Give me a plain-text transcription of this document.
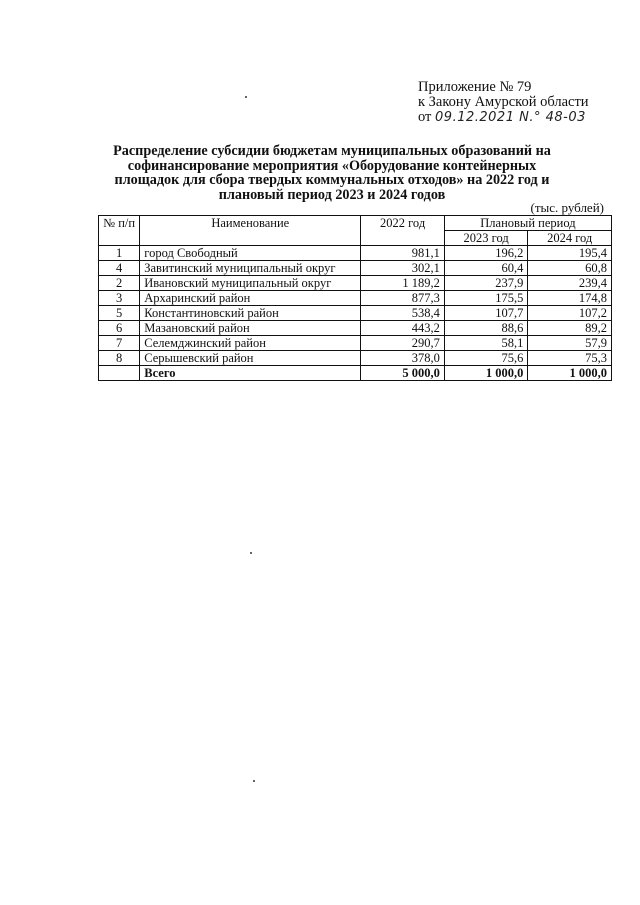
Приложение № 79
к Закону Амурской области
от 09.12.2021 N.° 48-03
Распределение субсидии бюджетам муниципальных образований на софинансирование мероприятия «Оборудование контейнерных площадок для сбора твердых коммунальных отходов» на 2022 год и плановый период 2023 и 2024 годов
(тыс. рублей)
№ п/п	Наименование	2022 год	Плановый период	
			2023 год	2024 год
1	город Свободный	981,1	196,2	195,4
4	Завитинский муниципальный округ	302,1	60,4	60,8
2	Ивановский муниципальный округ	1 189,2	237,9	239,4
3	Архаринский район	877,3	175,5	174,8
5	Константиновский район	538,4	107,7	107,2
6	Мазановский район	443,2	88,6	89,2
7	Селемджинский район	290,7	58,1	57,9
8	Серышевский район	378,0	75,6	75,3
	Всего	5 000,0	1 000,0	1 000,0
